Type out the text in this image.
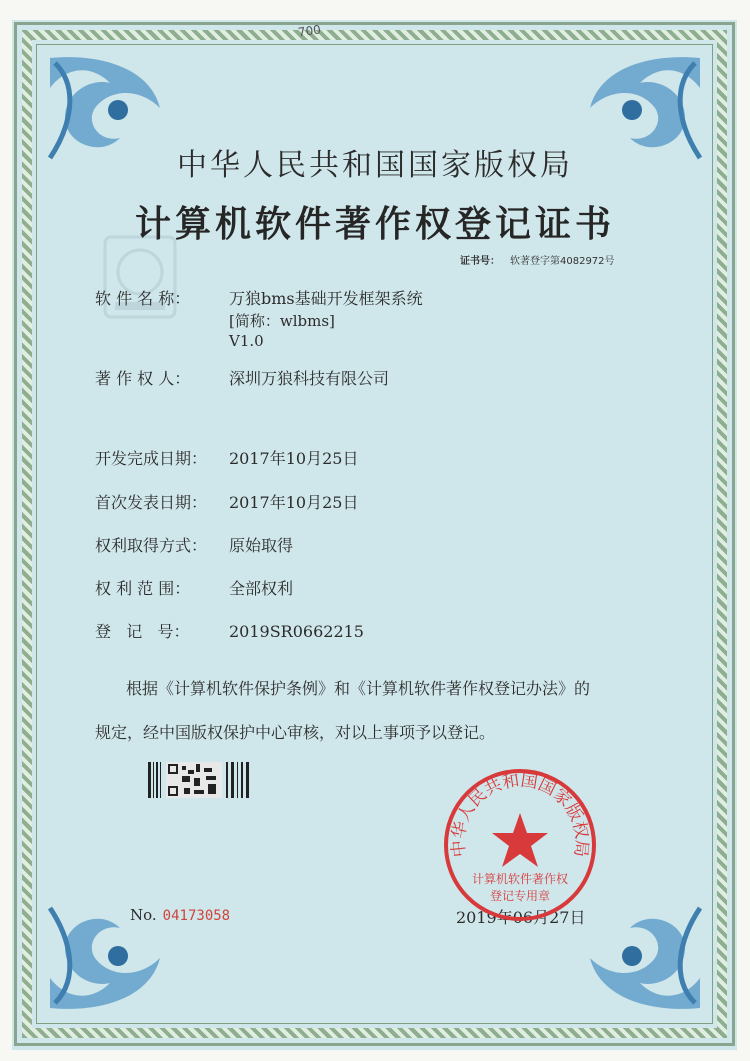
700
中华人民共和国国家版权局
计算机软件著作权登记证书
证书号： 软著登字第4082972号
软 件 名 称： 万狼bms基础开发框架系统
[简称：wlbms]
V1.0
著 作 权 人： 深圳万狼科技有限公司
开发完成日期： 2017年10月25日
首次发表日期： 2017年10月25日
权利取得方式： 原始取得
权 利 范 围： 全部权利
登   记   号： 2019SR0662215
根据《计算机软件保护条例》和《计算机软件著作权登记办法》的
规定，经中国版权保护中心审核，对以上事项予以登记。
No. 04173058	2019年06月27日
中华人民共和国国家版权局
计算机软件著作权
登记专用章
